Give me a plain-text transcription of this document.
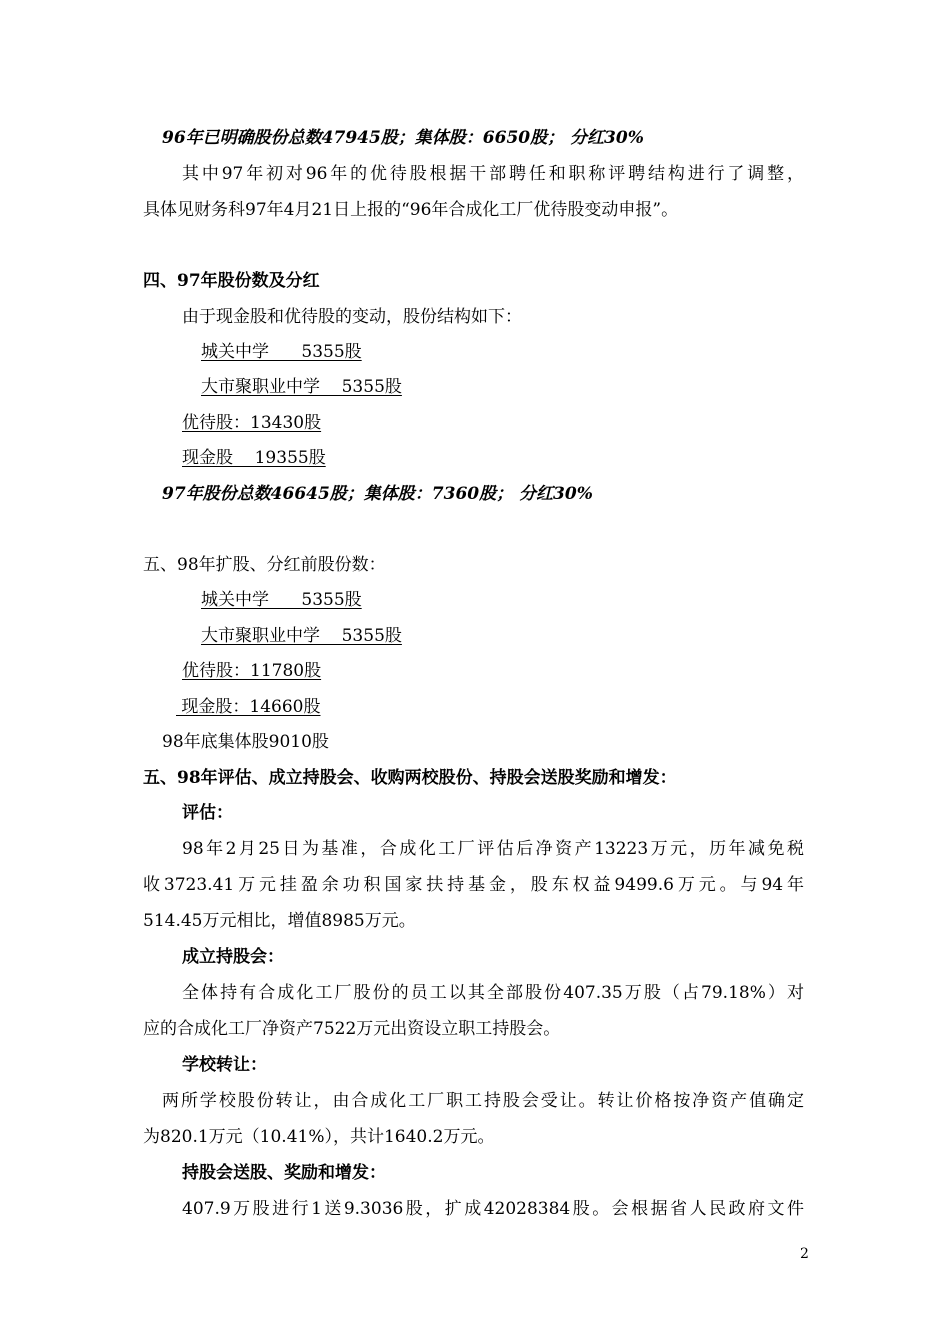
96年已明确股份总数47945股；集体股：6650股； 分红30%
其中97年初对96年的优待股根据干部聘任和职称评聘结构进行了调整，
具体见财务科97年4月21日上报的“96年合成化工厂优待股变动申报”。
四、97年股份数及分红
由于现金股和优待股的变动，股份结构如下：
城关中学      5355股
大市聚职业中学    5355股
优待股：13430股
现金股    19355股
97年股份总数46645股；集体股：7360股； 分红30%
五、98年扩股、分红前股份数：
城关中学      5355股
大市聚职业中学    5355股
优待股：11780股
现金股：14660股
98年底集体股9010股
五、98年评估、成立持股会、收购两校股份、持股会送股奖励和增发：
评估：
98年2月25日为基准，合成化工厂评估后净资产13223万元，历年减免税
收3723.41万元挂盈余功积国家扶持基金，股东权益9499.6万元。与94年
514.45万元相比，增值8985万元。
成立持股会：
全体持有合成化工厂股份的员工以其全部股份407.35万股（占79.18%）对
应的合成化工厂净资产7522万元出资设立职工持股会。
学校转让：
两所学校股份转让，由合成化工厂职工持股会受让。转让价格按净资产值确定
为820.1万元（10.41%），共计1640.2万元。
持股会送股、奖励和增发：
407.9万股进行1送9.3036股，扩成42028384股。会根据省人民政府文件
2
